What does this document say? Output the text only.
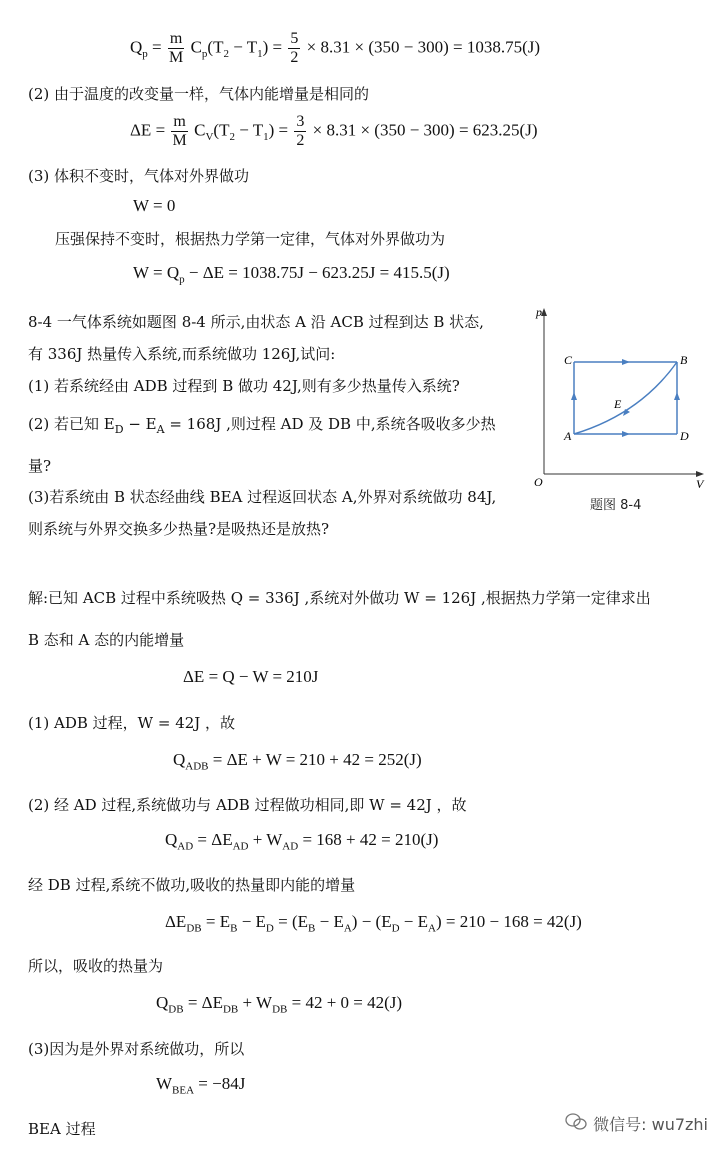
$Q_p = \frac{m}{M} C_p(T_2 - T_1) = \frac{5}{2} \times 8.31 \times (350 - 300) = 1038.75(J)$
(2) 由于温度的改变量一样，气体内能增量是相同的
$\Delta E = \frac{m}{M} C_V(T_2 - T_1) = \frac{3}{2} \times 8.31 \times (350 - 300) = 623.25(J)$
(3) 体积不变时，气体对外界做功
W = 0
压强保持不变时，根据热力学第一定律，气体对外界做功为
$W = Q_p - \Delta E = 1038.75J - 623.25J = 415.5(J)$
8-4 一气体系统如题图 8-4 所示,由状态 A 沿 ACB 过程到达 B 状态,
有 336J 热量传入系统,而系统做功 126J,试问:
(1) 若系统经由 ADB 过程到 B 做功 42J,则有多少热量传入系统?
(2) 若已知 $E_D - E_A = 168J$ ,则过程 AD 及 DB 中,系统各吸收多少热
量?
(3)若系统由 B 状态经曲线 BEA 过程返回状态 A,外界对系统做功 84J,
则系统与外界交换多少热量?是吸热还是放热?
p
V
O
C	B
E
A	D
题图 8-4
解:已知 ACB 过程中系统吸热 Q = 336J ,系统对外做功 W = 126J ,根据热力学第一定律求出
B 态和 A 态的内能增量
ΔE = Q − W = 210J
(1) ADB 过程，W = 42J ，故
$Q_{ADB} = \Delta E + W = 210 + 42 = 252(J)$
(2) 经 AD 过程,系统做功与 ADB 过程做功相同,即 W = 42J ，故
$Q_{AD} = \Delta E_{AD} + W_{AD} = 168 + 42 = 210(J)$
经 DB 过程,系统不做功,吸收的热量即内能的增量
$\Delta E_{DB} = E_B - E_D = (E_B - E_A) - (E_D - E_A) = 210 - 168 = 42(J)$
所以，吸收的热量为
$Q_{DB} = \Delta E_{DB} + W_{DB} = 42 + 0 = 42(J)$
(3)因为是外界对系统做功，所以
$W_{BEA} = -84J$
BEA 过程	微信号: wu7zhi
